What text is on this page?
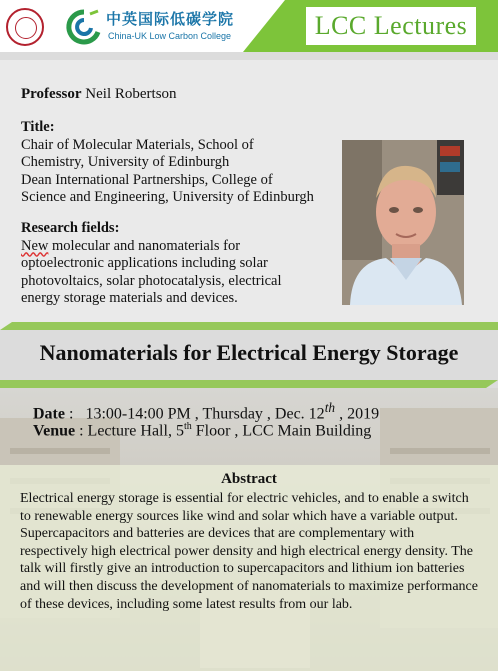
中英国际低碳学院
China-UK Low Carbon College	LCC Lectures
Professor Neil Robertson
Title:
Chair of Molecular Materials, School of
Chemistry, University of Edinburgh
Dean International Partnerships, College of
Science and Engineering, University of Edinburgh
Research fields:
New molecular and nanomaterials for
optoelectronic applications including solar
photovoltaics, solar photocatalysis, electrical
energy storage materials and devices.
Nanomaterials for Electrical Energy Storage
Date :   13:00-14:00 PM , Thursday , Dec. 12th , 2019
Venue : Lecture Hall, 5th Floor , LCC Main Building
Abstract
Electrical energy storage is essential for electric vehicles, and to enable a switch to renewable energy sources like wind and solar which have a variable output. Supercapacitors and batteries are devices that are complementary with respectively high electrical power density and high electrical energy density. The talk will firstly give an introduction to supercapacitors and lithium ion batteries and will then discuss the development of nanomaterials to maximize performance of these devices, including some latest results from our lab.
